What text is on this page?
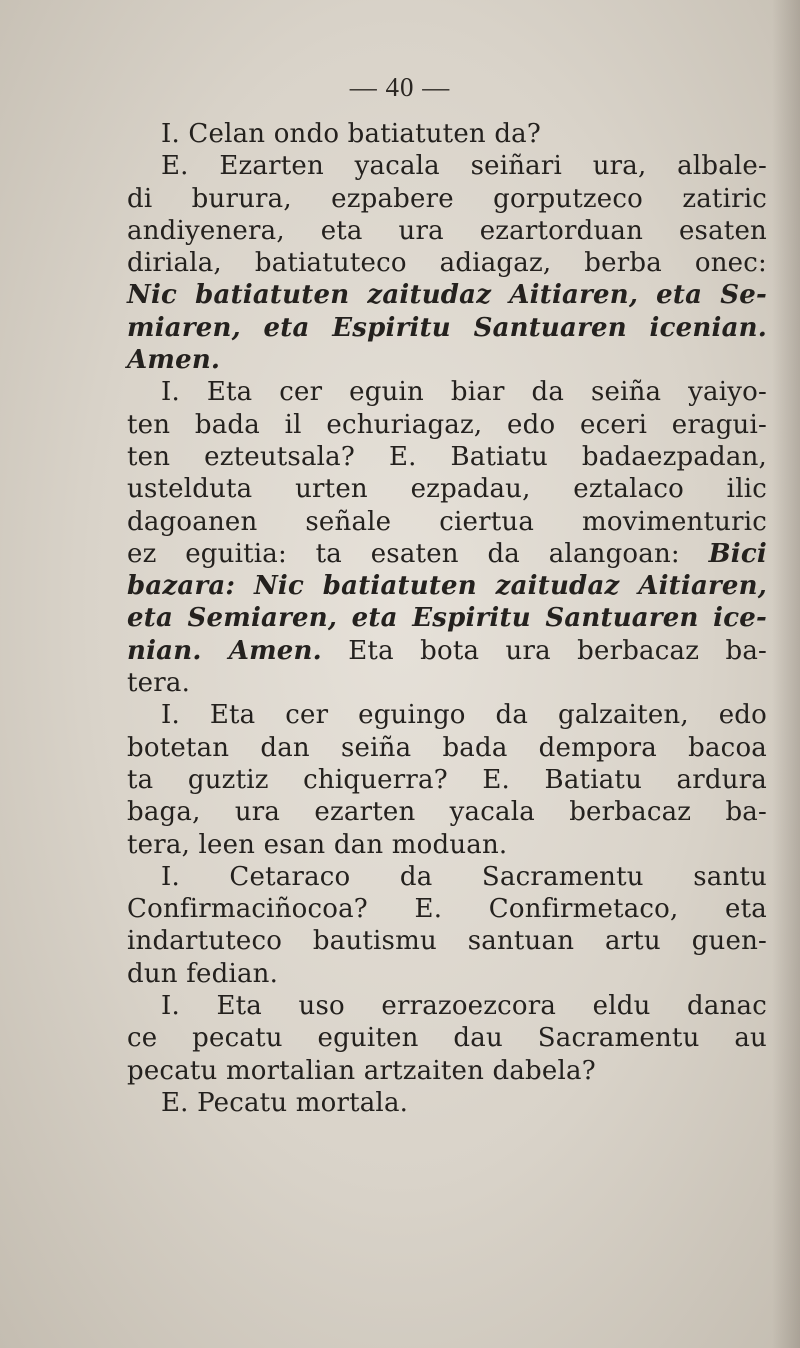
— 40 —
I. Celan ondo batiatuten da?
E. Ezarten yacala seiñari ura, albale-
di burura, ezpabere gorputzeco zatiric
andiyenera, eta ura ezartorduan esaten
diriala, batiatuteco adiagaz, berba onec:
Nic batiatuten zaitudaz Aitiaren, eta Se-
miaren, eta Espiritu Santuaren icenian.
Amen.
I. Eta cer eguin biar da seiña yaiyo-
ten bada il echuriagaz, edo eceri eragui-
ten ezteutsala? E. Batiatu badaezpadan,
ustelduta urten ezpadau, eztalaco ilic
dagoanen señale ciertua movimenturic
ez eguitia: ta esaten da alangoan: Bici
bazara: Nic batiatuten zaitudaz Aitiaren,
eta Semiaren, eta Espiritu Santuaren ice-
nian. Amen. Eta bota ura berbacaz ba-
tera.
I. Eta cer eguingo da galzaiten, edo
botetan dan seiña bada dempora bacoa
ta guztiz chiquerra? E. Batiatu ardura
baga, ura ezarten yacala berbacaz ba-
tera, leen esan dan moduan.
I. Cetaraco da Sacramentu santu
Confirmaciñocoa? E. Confirmetaco, eta
indartuteco bautismu santuan artu guen-
dun fedian.
I. Eta uso errazoezcora eldu danac
ce pecatu eguiten dau Sacramentu au
pecatu mortalian artzaiten dabela?
E. Pecatu mortala.
